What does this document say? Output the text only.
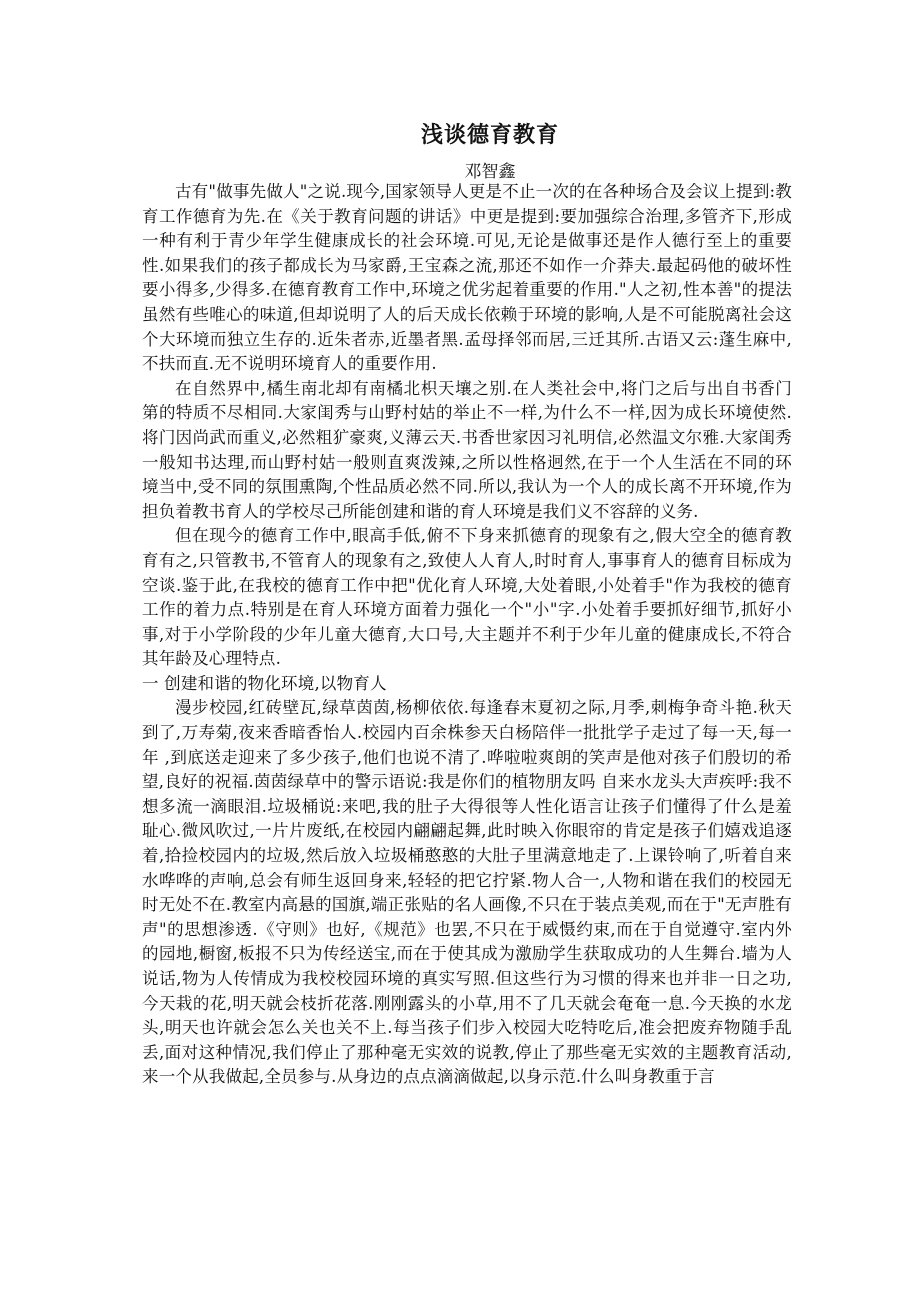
浅谈德育教育
邓智鑫

古有"做事先做人"之说.现今,国家领导人更是不止一次的在各种场合及会议上提到:教育工作德育为先.在《关于教育问题的讲话》中更是提到:要加强综合治理,多管齐下,形成一种有利于青少年学生健康成长的社会环境.可见,无论是做事还是作人德行至上的重要性.如果我们的孩子都成长为马家爵,王宝森之流,那还不如作一介莽夫.最起码他的破坏性要小得多,少得多.在德育教育工作中,环境之优劣起着重要的作用."人之初,性本善"的提法虽然有些唯心的味道,但却说明了人的后天成长依赖于环境的影响,人是不可能脱离社会这个大环境而独立生存的.近朱者赤,近墨者黑.孟母择邻而居,三迁其所.古语又云:蓬生麻中,不扶而直.无不说明环境育人的重要作用.

在自然界中,橘生南北却有南橘北枳天壤之别.在人类社会中,将门之后与出自书香门第的特质不尽相同.大家闺秀与山野村姑的举止不一样,为什么不一样,因为成长环境使然.将门因尚武而重义,必然粗犷豪爽,义薄云天.书香世家因习礼明信,必然温文尔雅.大家闺秀一般知书达理,而山野村姑一般则直爽泼辣,之所以性格迥然,在于一个人生活在不同的环境当中,受不同的氛围熏陶,个性品质必然不同.所以,我认为一个人的成长离不开环境,作为担负着教书育人的学校尽己所能创建和谐的育人环境是我们义不容辞的义务.

但在现今的德育工作中,眼高手低,俯不下身来抓德育的现象有之,假大空全的德育教育有之,只管教书,不管育人的现象有之,致使人人育人,时时育人,事事育人的德育目标成为空谈.鉴于此,在我校的德育工作中把"优化育人环境,大处着眼,小处着手"作为我校的德育工作的着力点.特别是在育人环境方面着力强化一个"小"字.小处着手要抓好细节,抓好小事,对于小学阶段的少年儿童大德育,大口号,大主题并不利于少年儿童的健康成长,不符合其年龄及心理特点.

一 创建和谐的物化环境,以物育人

漫步校园,红砖壁瓦,绿草茵茵,杨柳依依.每逢春末夏初之际,月季,刺梅争奇斗艳.秋天到了,万寿菊,夜来香暗香怡人.校园内百余株参天白杨陪伴一批批学子走过了每一天,每一年 ,到底送走迎来了多少孩子,他们也说不清了.哗啦啦爽朗的笑声是他对孩子们殷切的希望,良好的祝福.茵茵绿草中的警示语说:我是你们的植物朋友吗 自来水龙头大声疾呼:我不想多流一滴眼泪.垃圾桶说:来吧,我的肚子大得很等人性化语言让孩子们懂得了什么是羞耻心.微风吹过,一片片废纸,在校园内翩翩起舞,此时映入你眼帘的肯定是孩子们嬉戏追逐着,拾捡校园内的垃圾,然后放入垃圾桶憨憨的大肚子里满意地走了.上课铃响了,听着自来水哗哗的声响,总会有师生返回身来,轻轻的把它拧紧.物人合一,人物和谐在我们的校园无时无处不在.教室内高悬的国旗,端正张贴的名人画像,不只在于装点美观,而在于"无声胜有声"的思想渗透.《守则》也好,《规范》也罢,不只在于威慑约束,而在于自觉遵守.室内外的园地,橱窗,板报不只为传经送宝,而在于使其成为激励学生获取成功的人生舞台.墙为人说话,物为人传情成为我校校园环境的真实写照.但这些行为习惯的得来也并非一日之功,今天栽的花,明天就会枝折花落.刚刚露头的小草,用不了几天就会奄奄一息.今天换的水龙头,明天也许就会怎么关也关不上.每当孩子们步入校园大吃特吃后,准会把废弃物随手乱丢,面对这种情况,我们停止了那种毫无实效的说教,停止了那些毫无实效的主题教育活动,来一个从我做起,全员参与.从身边的点点滴滴做起,以身示范.什么叫身教重于言
